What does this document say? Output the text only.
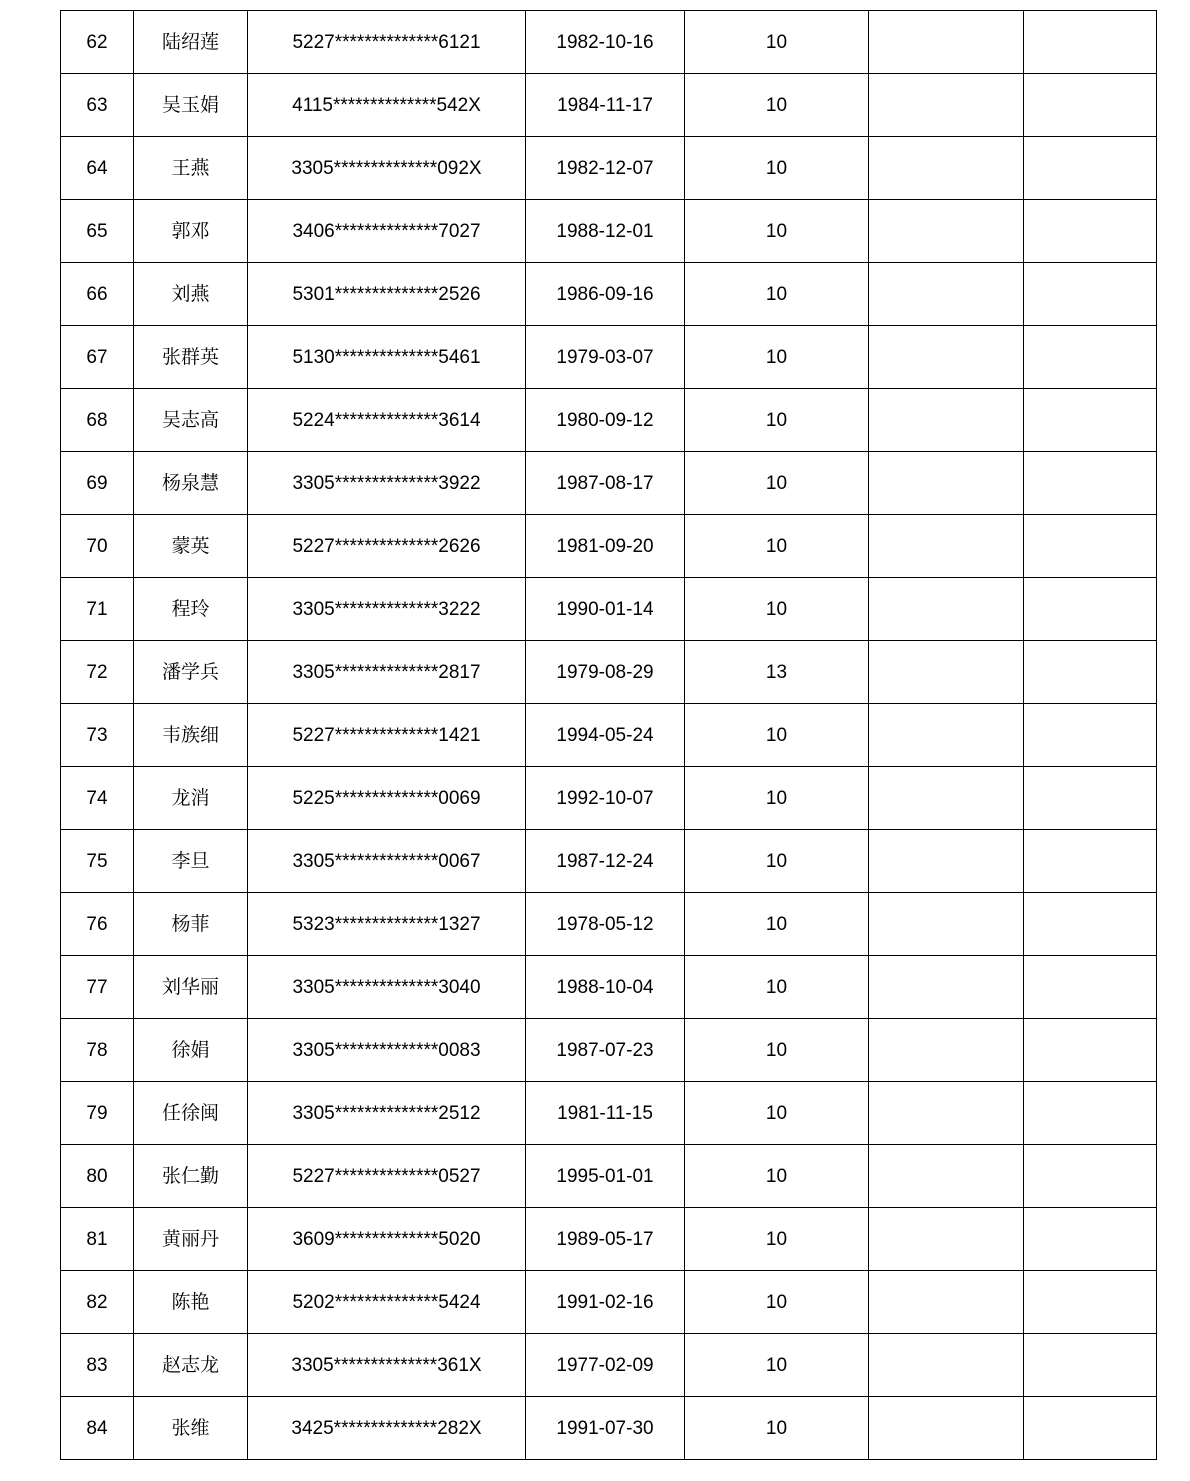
62	陆绍莲	5227**************6121	1982-10-16	10		
63	吴玉娟	4115**************542X	1984-11-17	10		
64	王燕	3305**************092X	1982-12-07	10		
65	郭邓	3406**************7027	1988-12-01	10		
66	刘燕	5301**************2526	1986-09-16	10		
67	张群英	5130**************5461	1979-03-07	10		
68	吴志高	5224**************3614	1980-09-12	10		
69	杨泉慧	3305**************3922	1987-08-17	10		
70	蒙英	5227**************2626	1981-09-20	10		
71	程玲	3305**************3222	1990-01-14	10		
72	潘学兵	3305**************2817	1979-08-29	13		
73	韦族细	5227**************1421	1994-05-24	10		
74	龙消	5225**************0069	1992-10-07	10		
75	李旦	3305**************0067	1987-12-24	10		
76	杨菲	5323**************1327	1978-05-12	10		
77	刘华丽	3305**************3040	1988-10-04	10		
78	徐娟	3305**************0083	1987-07-23	10		
79	任徐闽	3305**************2512	1981-11-15	10		
80	张仁勤	5227**************0527	1995-01-01	10		
81	黄丽丹	3609**************5020	1989-05-17	10		
82	陈艳	5202**************5424	1991-02-16	10		
83	赵志龙	3305**************361X	1977-02-09	10		
84	张维	3425**************282X	1991-07-30	10		
